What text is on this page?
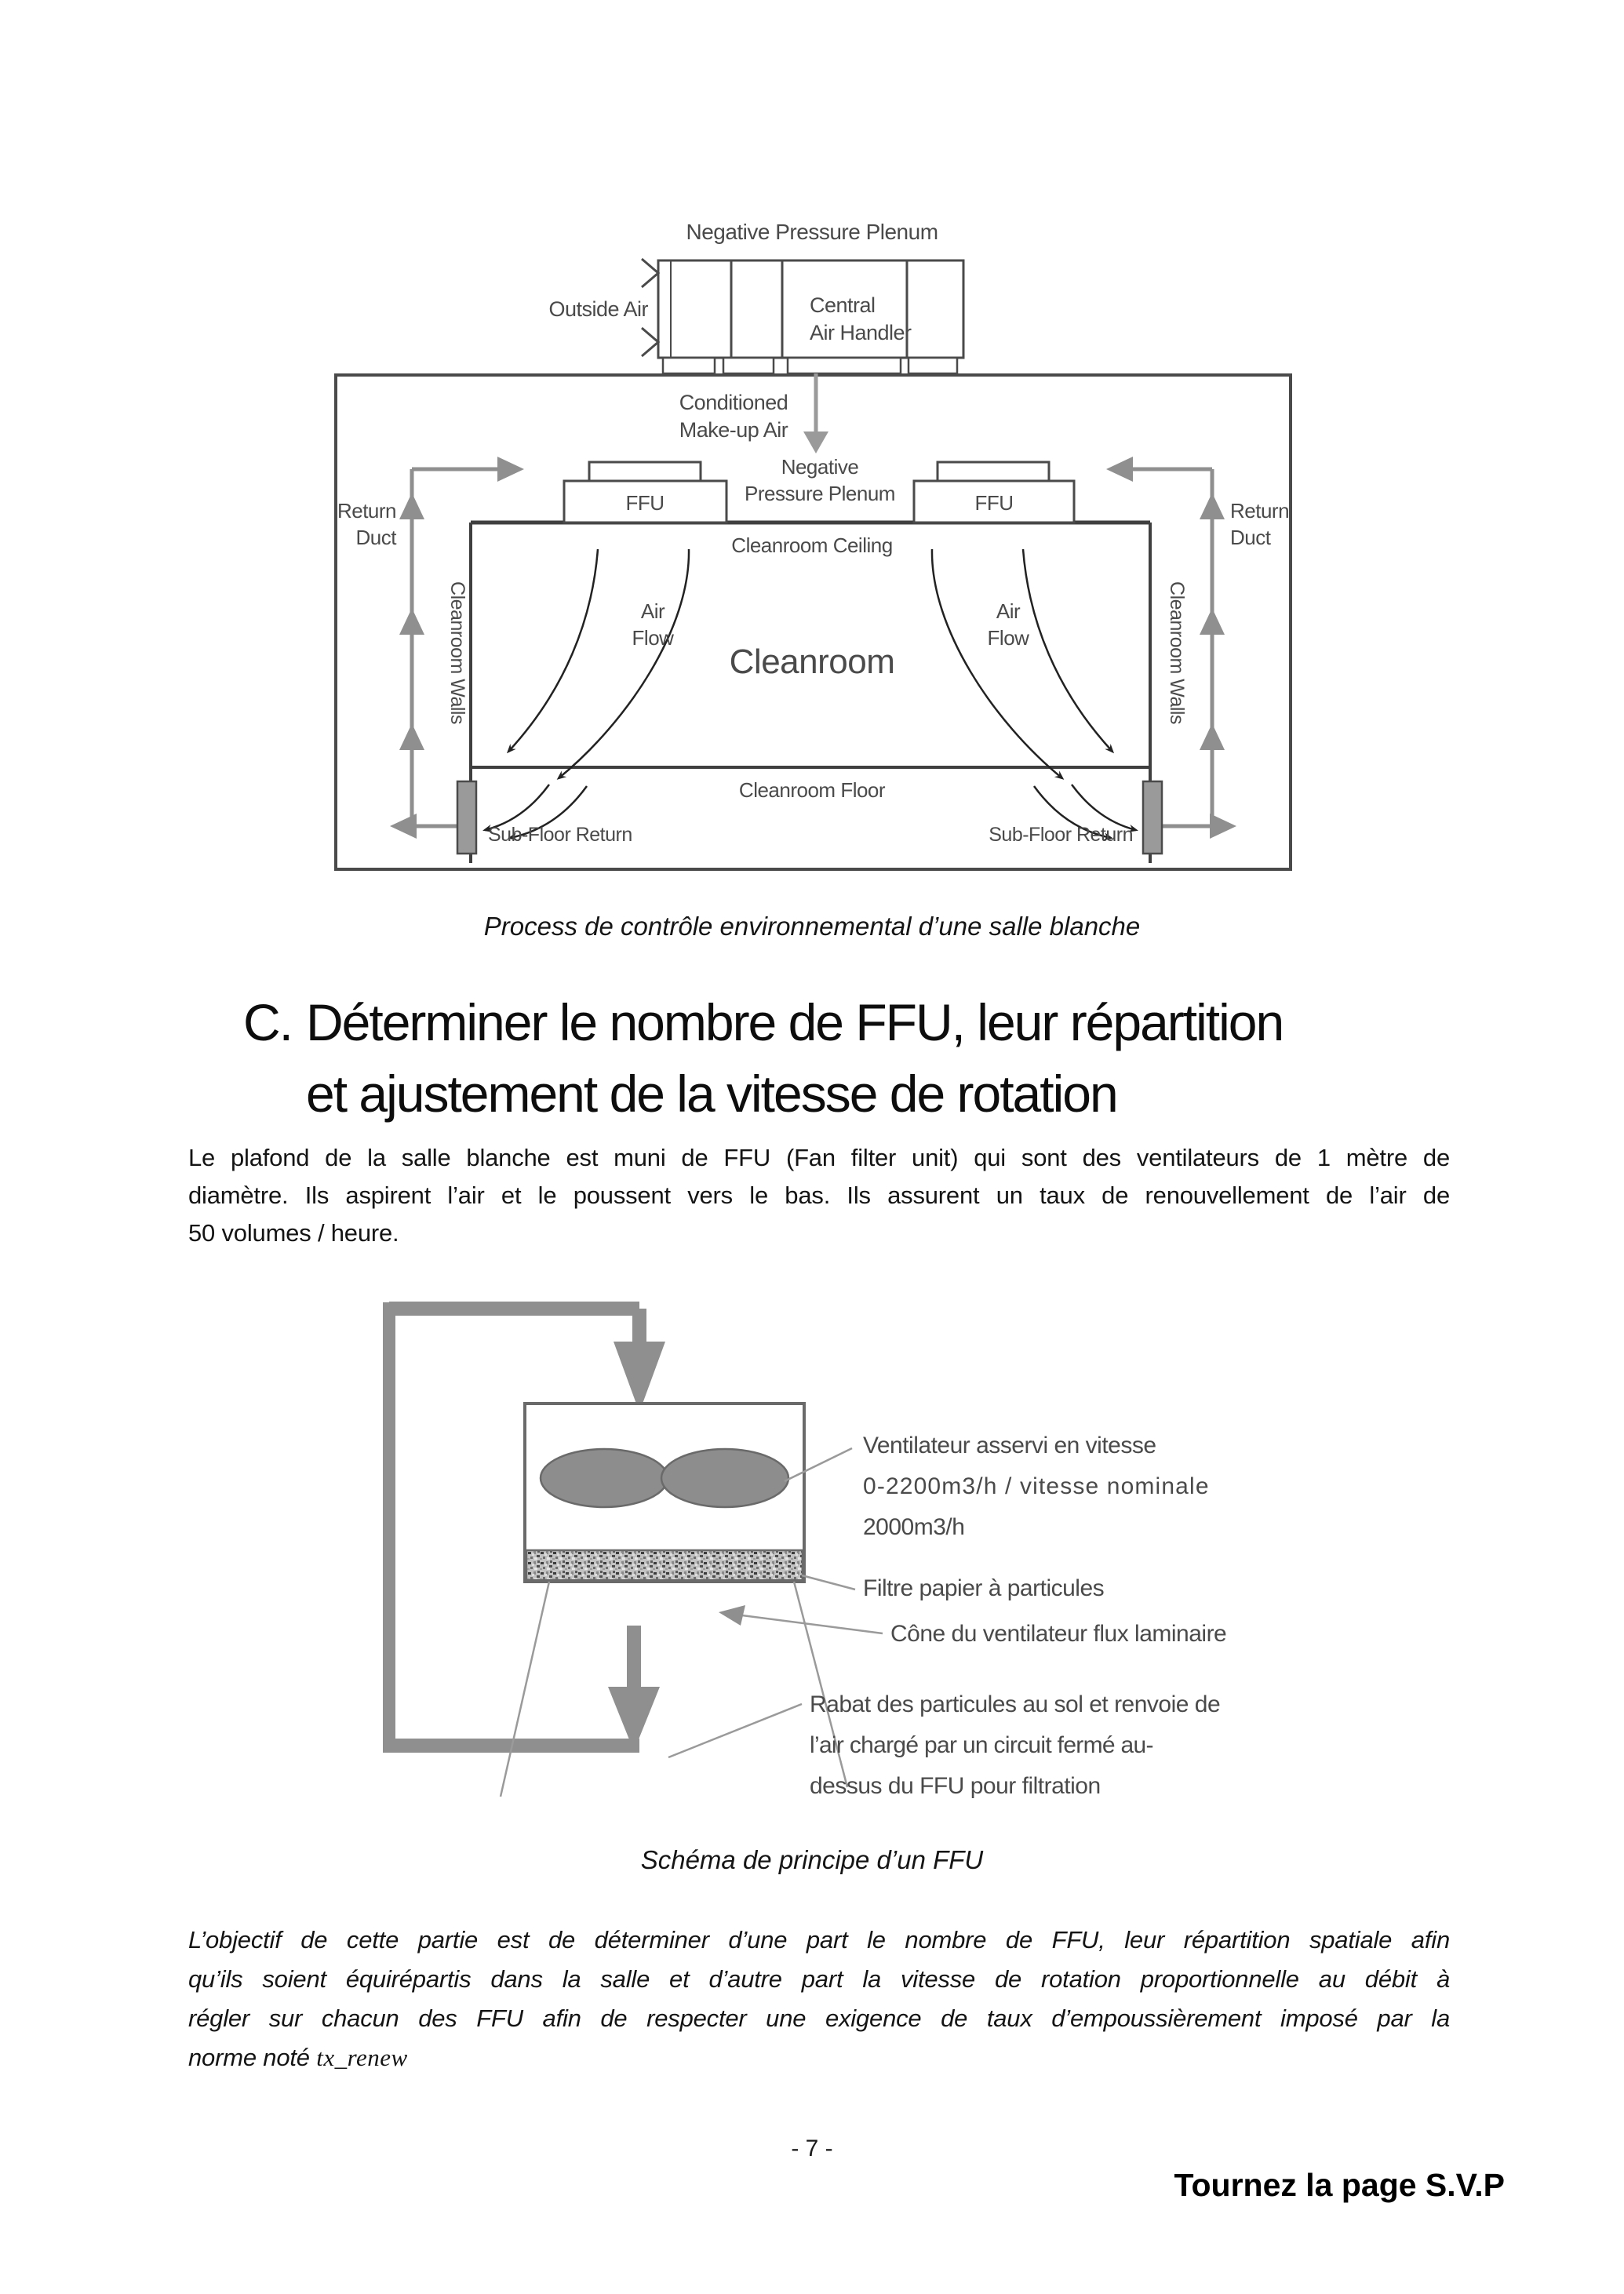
Negative Pressure Plenum
Central
Air Handler
Outside Air
Conditioned
Make-up Air
Return
Duct
Return
Duct
FFU	FFU
Negative
Pressure Plenum
Cleanroom Ceiling
Air
Flow
Air
Flow
Cleanroom
Cleanroom Floor
Sub-Floor Return	Sub-Floor Return
Cleanroom Walls	Cleanroom Walls
Process de contrôle environnemental d’une salle blanche
C. Déterminer le nombre de FFU, leur répartition
et ajustement de la vitesse de rotation
Le plafond de la salle blanche est muni de FFU (Fan filter unit) qui sont des ventilateurs de 1 mètre de
diamètre. Ils aspirent l’air et le poussent vers le bas. Ils assurent un taux de renouvellement de l’air de
50 volumes / heure.
Ventilateur asservi en vitesse
0-2200m3/h / vitesse nominale
2000m3/h
Filtre papier à particules
Cône du ventilateur flux laminaire
Rabat des particules au sol et renvoie de
l’air chargé par un circuit fermé au-
dessus du FFU pour filtration
Schéma de principe d’un FFU
L’objectif de cette partie est de déterminer d’une part le nombre de FFU, leur répartition spatiale afin
qu’ils soient équirépartis dans la salle et d’autre part la vitesse de rotation proportionnelle au débit à
régler sur chacun des FFU afin de respecter une exigence de taux d’empoussièrement imposé par la
norme noté tx_renew
- 7 -
Tournez la page S.V.P
